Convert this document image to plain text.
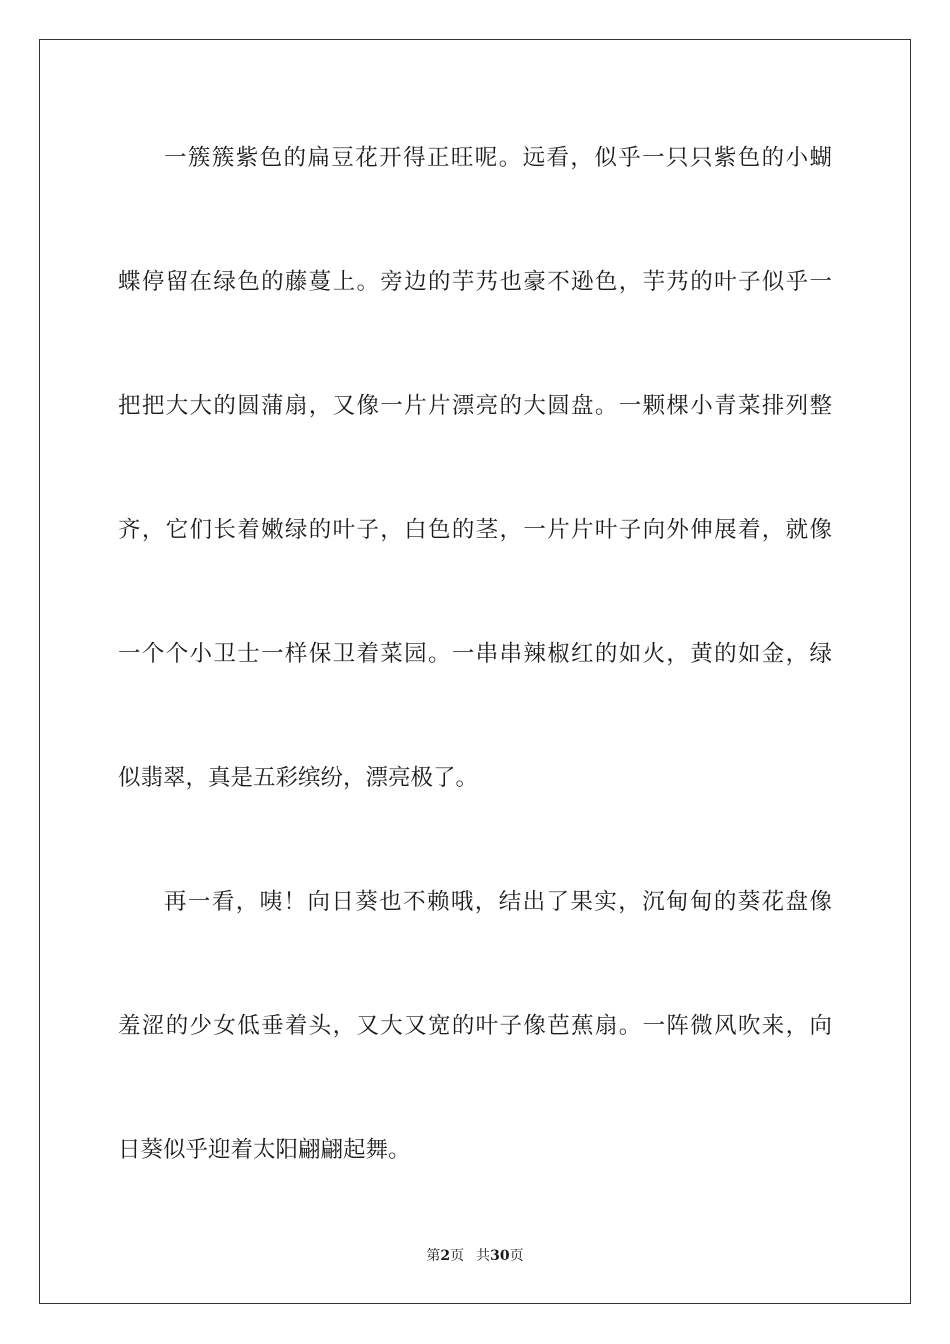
一簇簇紫色的扁豆花开得正旺呢。远看，似乎一只只紫色的小蝴
蝶停留在绿色的藤蔓上。旁边的芋艿也豪不逊色，芋艿的叶子似乎一
把把大大的圆蒲扇，又像一片片漂亮的大圆盘。一颗棵小青菜排列整
齐，它们长着嫩绿的叶子，白色的茎，一片片叶子向外伸展着，就像
一个个小卫士一样保卫着菜园。一串串辣椒红的如火，黄的如金，绿
似翡翠，真是五彩缤纷，漂亮极了。
再一看，咦！向日葵也不赖哦，结出了果实，沉甸甸的葵花盘像
羞涩的少女低垂着头，又大又宽的叶子像芭蕉扇。一阵微风吹来，向
日葵似乎迎着太阳翩翩起舞。
第2页 共30页
